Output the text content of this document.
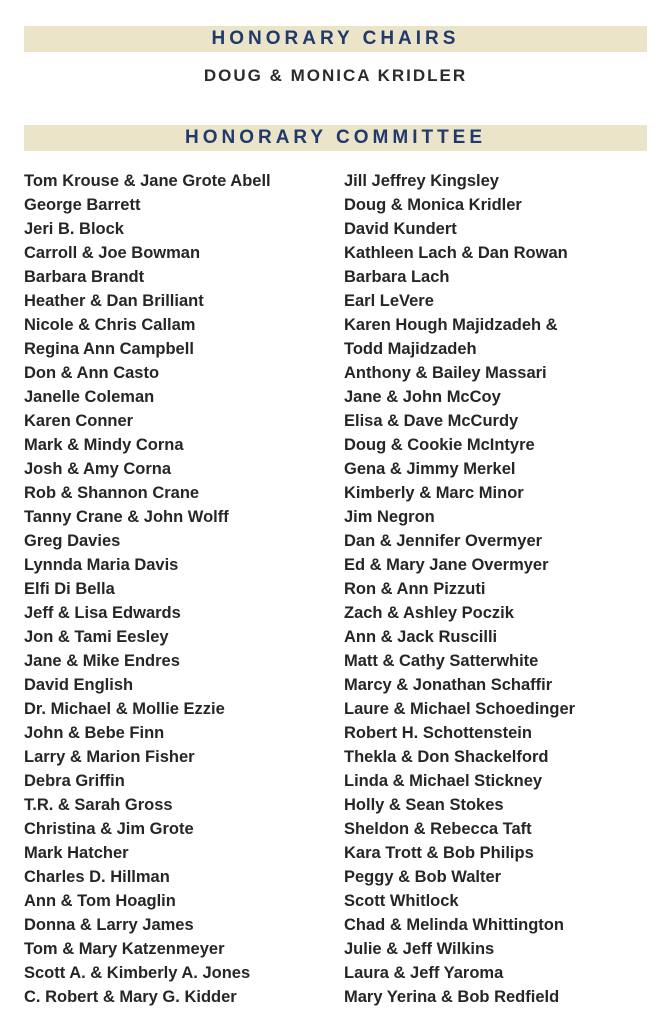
HONORARY CHAIRS
DOUG & MONICA KRIDLER
HONORARY COMMITTEE
Tom Krouse & Jane Grote Abell
George Barrett
Jeri B. Block
Carroll & Joe Bowman
Barbara Brandt
Heather & Dan Brilliant
Nicole & Chris Callam
Regina Ann Campbell
Don & Ann Casto
Janelle Coleman
Karen Conner
Mark & Mindy Corna
Josh & Amy Corna
Rob & Shannon Crane
Tanny Crane & John Wolff
Greg Davies
Lynnda Maria Davis
Elfi Di Bella
Jeff & Lisa Edwards
Jon & Tami Eesley
Jane & Mike Endres
David English
Dr. Michael & Mollie Ezzie
John & Bebe Finn
Larry & Marion Fisher
Debra Griffin
T.R. & Sarah Gross
Christina & Jim Grote
Mark Hatcher
Charles D. Hillman
Ann & Tom Hoaglin
Donna & Larry James
Tom & Mary Katzenmeyer
Scott A. & Kimberly A. Jones
C. Robert & Mary G. Kidder
Jill Jeffrey Kingsley
Doug & Monica Kridler
David Kundert
Kathleen Lach & Dan Rowan
Barbara Lach
Earl LeVere
Karen Hough Majidzadeh &
Todd Majidzadeh
Anthony & Bailey Massari
Jane & John McCoy
Elisa & Dave McCurdy
Doug & Cookie McIntyre
Gena & Jimmy Merkel
Kimberly & Marc Minor
Jim Negron
Dan & Jennifer Overmyer
Ed & Mary Jane Overmyer
Ron & Ann Pizzuti
Zach & Ashley Poczik
Ann & Jack Ruscilli
Matt & Cathy Satterwhite
Marcy & Jonathan Schaffir
Laure & Michael Schoedinger
Robert H. Schottenstein
Thekla & Don Shackelford
Linda & Michael Stickney
Holly & Sean Stokes
Sheldon & Rebecca Taft
Kara Trott & Bob Philips
Peggy & Bob Walter
Scott Whitlock
Chad & Melinda Whittington
Julie & Jeff Wilkins
Laura & Jeff Yaroma
Mary Yerina & Bob Redfield
